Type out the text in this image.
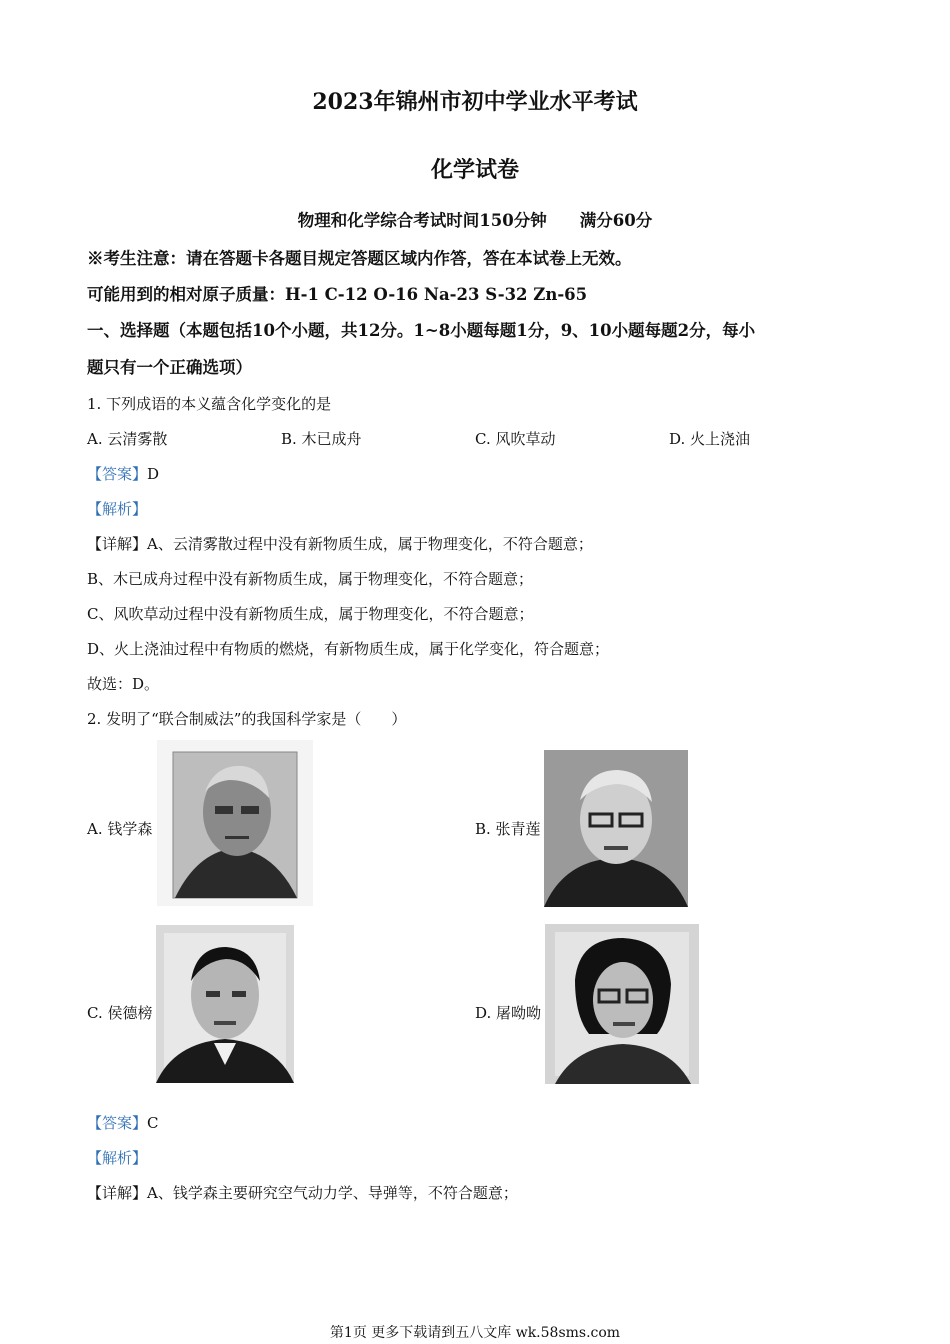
2023年锦州市初中学业水平考试
化学试卷
物理和化学综合考试时间150分钟　　满分60分
※考生注意：请在答题卡各题目规定答题区域内作答，答在本试卷上无效。
可能用到的相对原子质量：H-1 C-12 O-16 Na-23 S-32 Zn-65
一、选择题（本题包括10个小题，共12分。1~8小题每题1分，9、10小题每题2分，每小
题只有一个正确选项）
1. 下列成语的本义蕴含化学变化的是
A. 云清雾散	B. 木已成舟	C. 风吹草动	D. 火上浇油
【答案】D
【解析】
【详解】A、云清雾散过程中没有新物质生成，属于物理变化，不符合题意；
B、木已成舟过程中没有新物质生成，属于物理变化，不符合题意；
C、风吹草动过程中没有新物质生成，属于物理变化，不符合题意；
D、火上浇油过程中有物质的燃烧，有新物质生成，属于化学变化，符合题意；
故选：D。
2. 发明了“联合制威法”的我国科学家是（　　）
A. 钱学森	B. 张青莲
C. 侯德榜	D. 屠呦呦
【答案】C
【解析】
【详解】A、钱学森主要研究空气动力学、导弹等，不符合题意；
第1页 更多下载请到五八文库 wk.58sms.com
